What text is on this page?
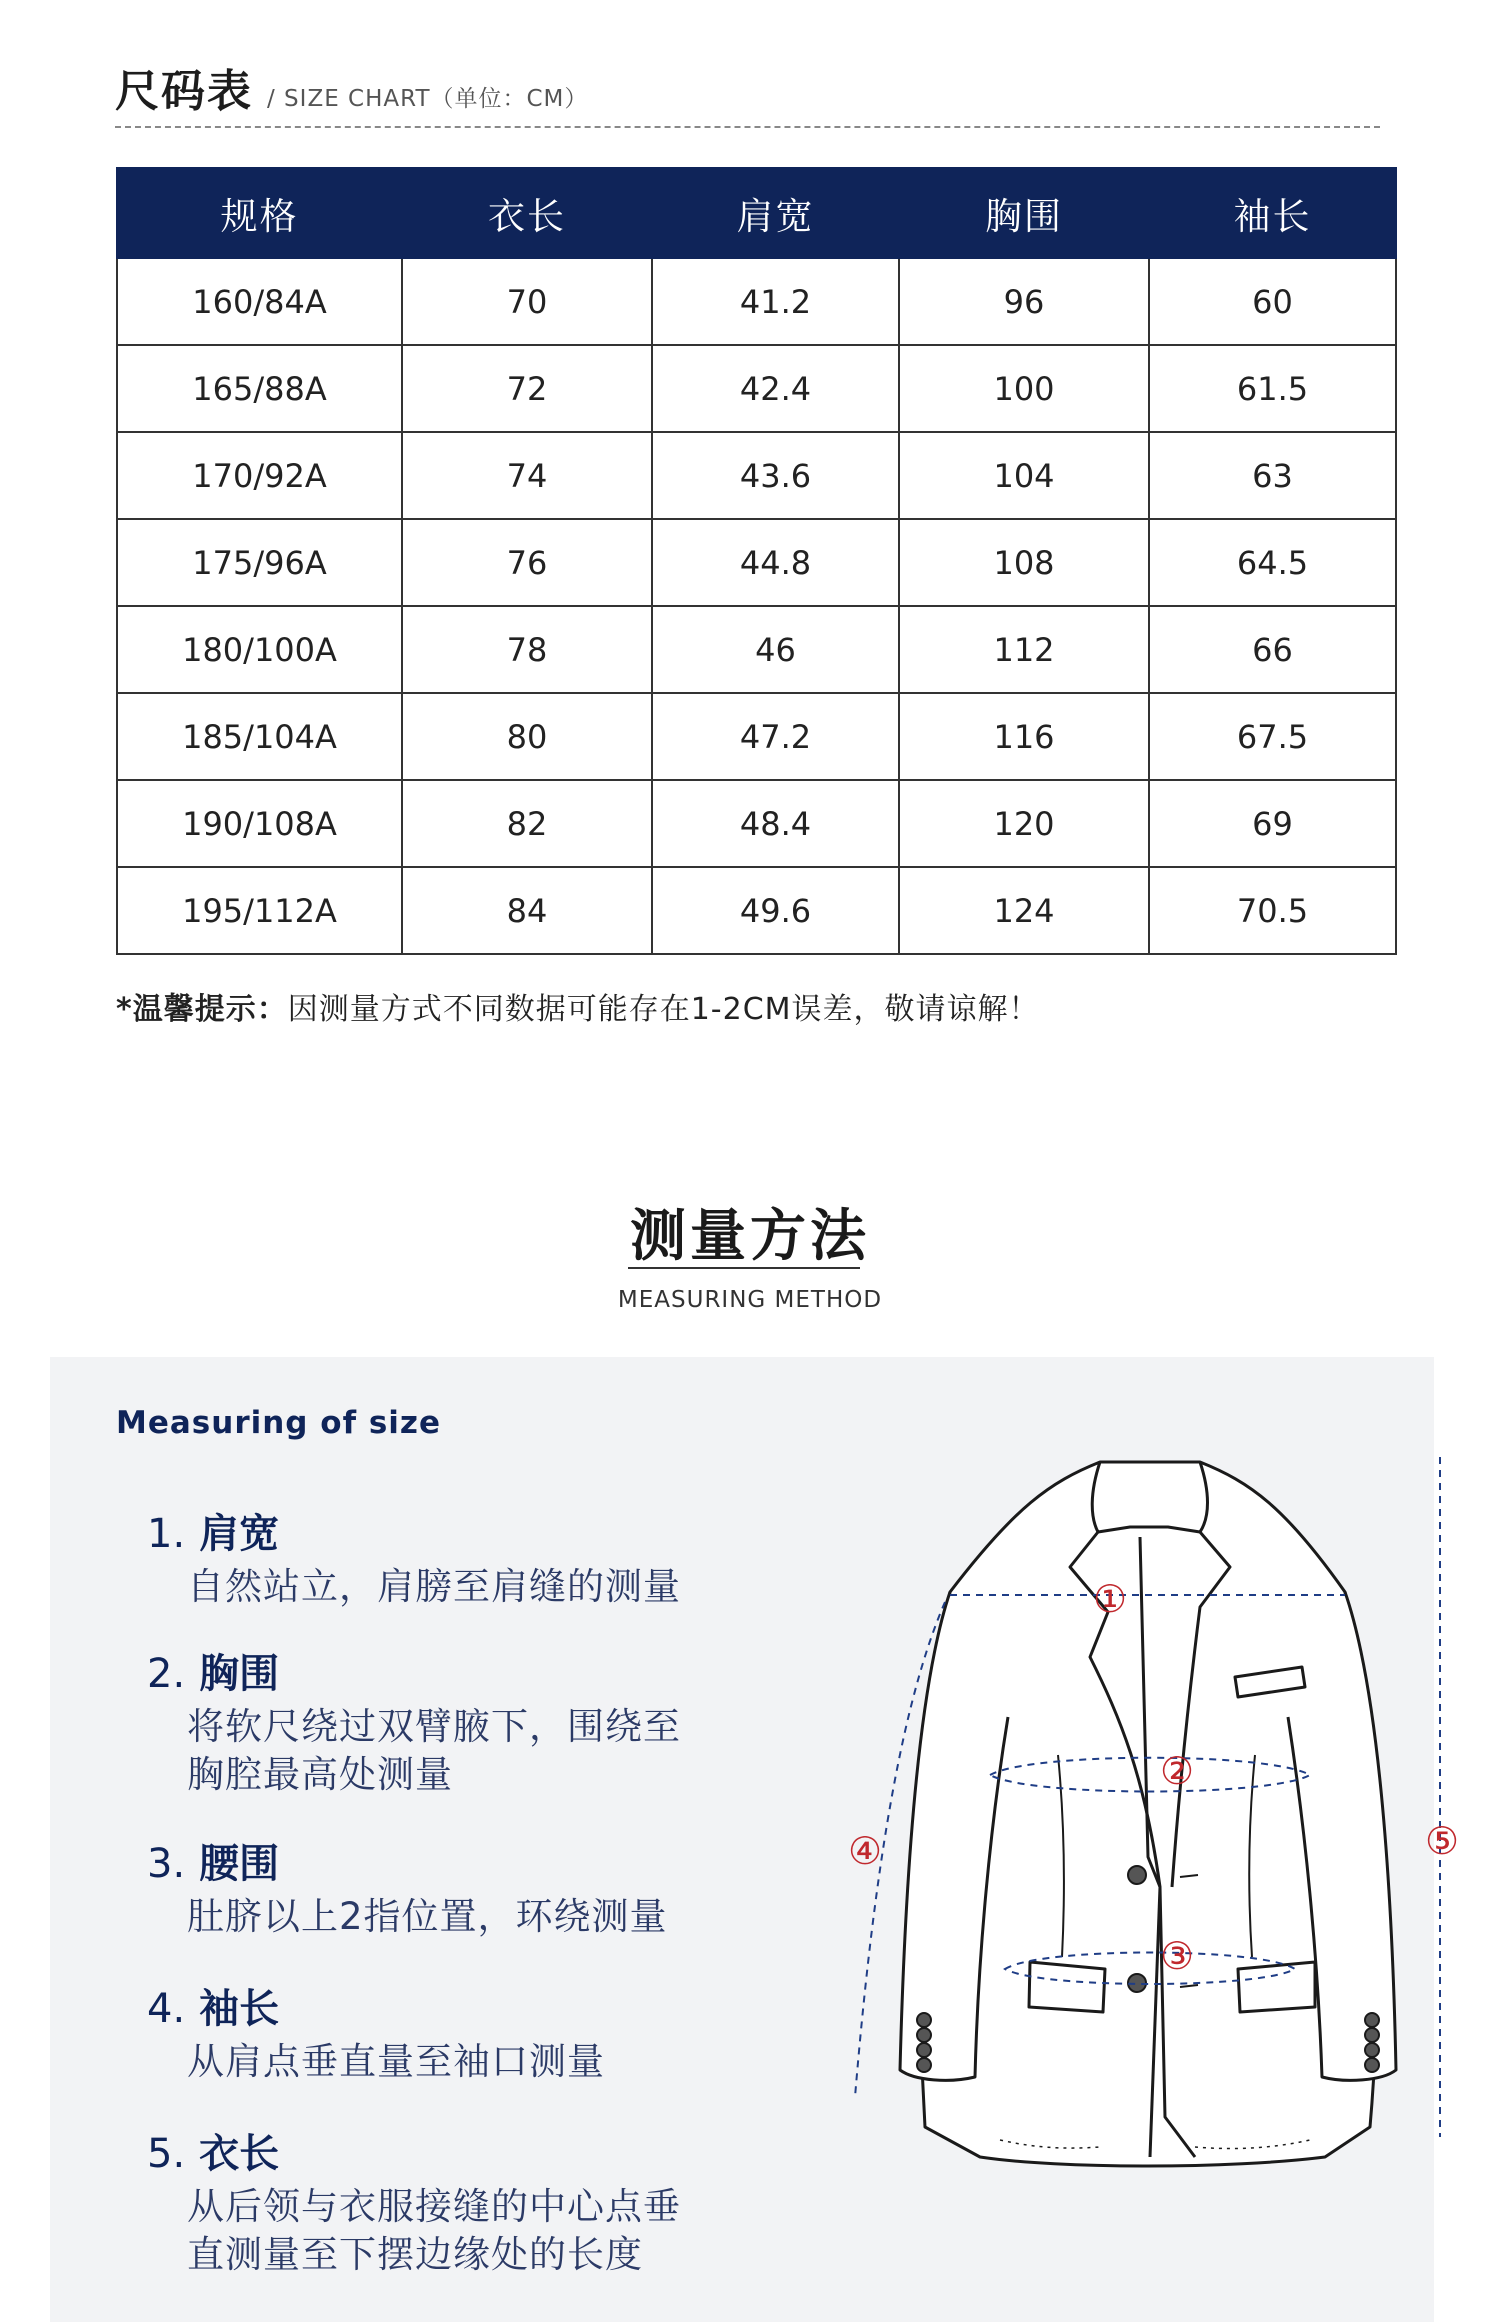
尺码表 / SIZE CHART（单位：CM）
规格	衣长	肩宽	胸围	袖长
160/84A	70	41.2	96	60
165/88A	72	42.4	100	61.5
170/92A	74	43.6	104	63
175/96A	76	44.8	108	64.5
180/100A	78	46	112	66
185/104A	80	47.2	116	67.5
190/108A	82	48.4	120	69
195/112A	84	49.6	124	70.5
*温馨提示：因测量方式不同数据可能存在1-2CM误差，敬请谅解！
测量方法
MEASURING METHOD
Measuring of size
1. 肩宽
自然站立，肩膀至肩缝的测量
2. 胸围
将软尺绕过双臂腋下，围绕至
胸腔最高处测量
3. 腰围
肚脐以上2指位置，环绕测量
4. 袖长
从肩点垂直量至袖口测量
5. 衣长
从后领与衣服接缝的中心点垂
直测量至下摆边缘处的长度
①
②
③
④	⑤
